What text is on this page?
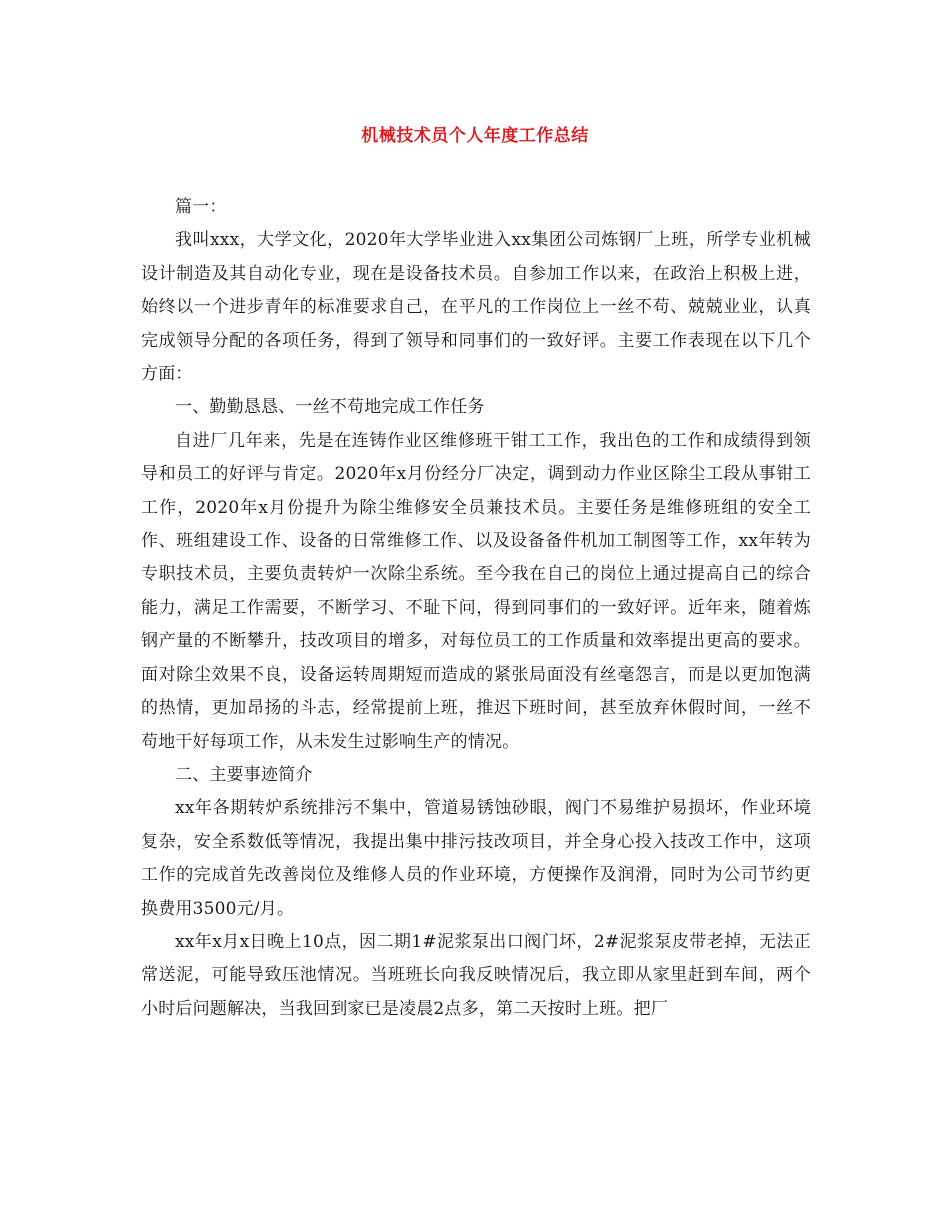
机械技术员个人年度工作总结

篇一：

我叫xxx，大学文化，2020年大学毕业进入xx集团公司炼钢厂上班，所学专业机械设计制造及其自动化专业，现在是设备技术员。自参加工作以来，在政治上积极上进，始终以一个进步青年的标准要求自己，在平凡的工作岗位上一丝不苟、兢兢业业，认真完成领导分配的各项任务，得到了领导和同事们的一致好评。主要工作表现在以下几个方面：

一、勤勤恳恳、一丝不苟地完成工作任务

自进厂几年来，先是在连铸作业区维修班干钳工工作，我出色的工作和成绩得到领导和员工的好评与肯定。2020年x月份经分厂决定，调到动力作业区除尘工段从事钳工工作，2020年x月份提升为除尘维修安全员兼技术员。主要任务是维修班组的安全工作、班组建设工作、设备的日常维修工作、以及设备备件机加工制图等工作，xx年转为专职技术员，主要负责转炉一次除尘系统。至今我在自己的岗位上通过提高自己的综合能力，满足工作需要，不断学习、不耻下问，得到同事们的一致好评。近年来，随着炼钢产量的不断攀升，技改项目的增多，对每位员工的工作质量和效率提出更高的要求。面对除尘效果不良，设备运转周期短而造成的紧张局面没有丝毫怨言，而是以更加饱满的热情，更加昂扬的斗志，经常提前上班，推迟下班时间，甚至放弃休假时间，一丝不苟地干好每项工作，从未发生过影响生产的情况。

二、主要事迹简介

xx年各期转炉系统排污不集中，管道易锈蚀砂眼，阀门不易维护易损坏，作业环境复杂，安全系数低等情况，我提出集中排污技改项目，并全身心投入技改工作中，这项工作的完成首先改善岗位及维修人员的作业环境，方便操作及润滑，同时为公司节约更换费用3500元/月。

xx年x月x日晚上10点，因二期1#泥浆泵出口阀门坏，2#泥浆泵皮带老掉，无法正常送泥，可能导致压池情况。当班班长向我反映情况后，我立即从家里赶到车间，两个小时后问题解决，当我回到家已是凌晨2点多，第二天按时上班。把厂
